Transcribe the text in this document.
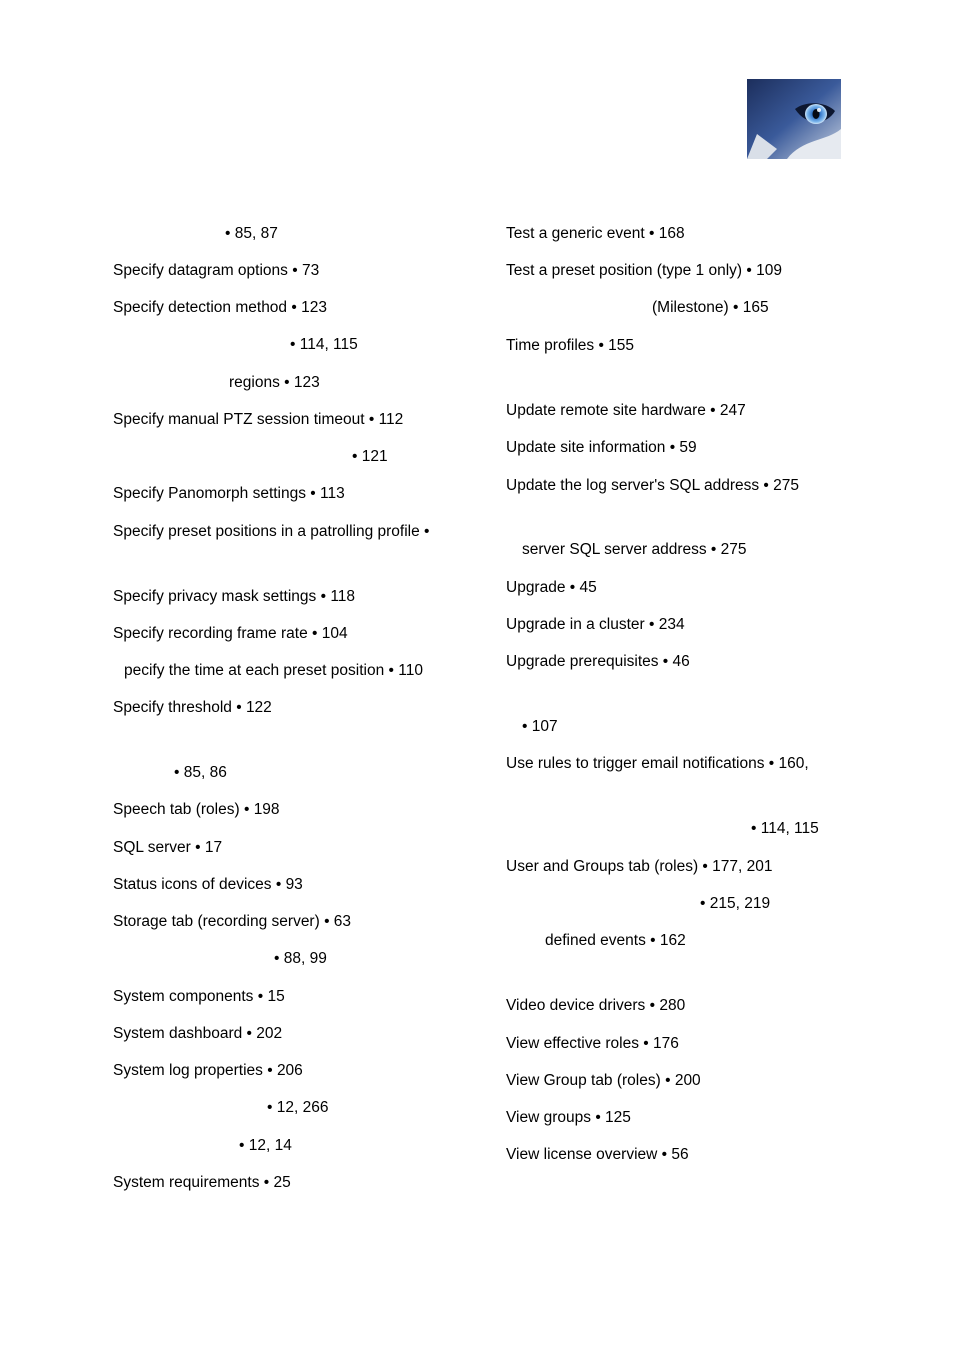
• 85, 87
Specify datagram options • 73
Specify detection method • 123
• 114, 115
regions • 123
Specify manual PTZ session timeout • 112
• 121
Specify Panomorph settings • 113
Specify preset positions in a patrolling profile •
Specify privacy mask settings • 118
Specify recording frame rate • 104
pecify the time at each preset position • 110
Specify threshold • 122
• 85, 86
Speech tab (roles) • 198
SQL server • 17
Status icons of devices • 93
Storage tab (recording server) • 63
• 88, 99
System components • 15
System dashboard • 202
System log properties • 206
• 12, 266
• 12, 14
System requirements • 25
Test a generic event • 168
Test a preset position (type 1 only) • 109
(Milestone) • 165
Time profiles • 155
Update remote site hardware • 247
Update site information • 59
Update the log server's SQL address • 275
server SQL server address • 275
Upgrade • 45
Upgrade in a cluster • 234
Upgrade prerequisites • 46
• 107
Use rules to trigger email notifications • 160,
• 114, 115
User and Groups tab (roles) • 177, 201
• 215, 219
defined events • 162
Video device drivers • 280
View effective roles • 176
View Group tab (roles) • 200
View groups • 125
View license overview • 56
